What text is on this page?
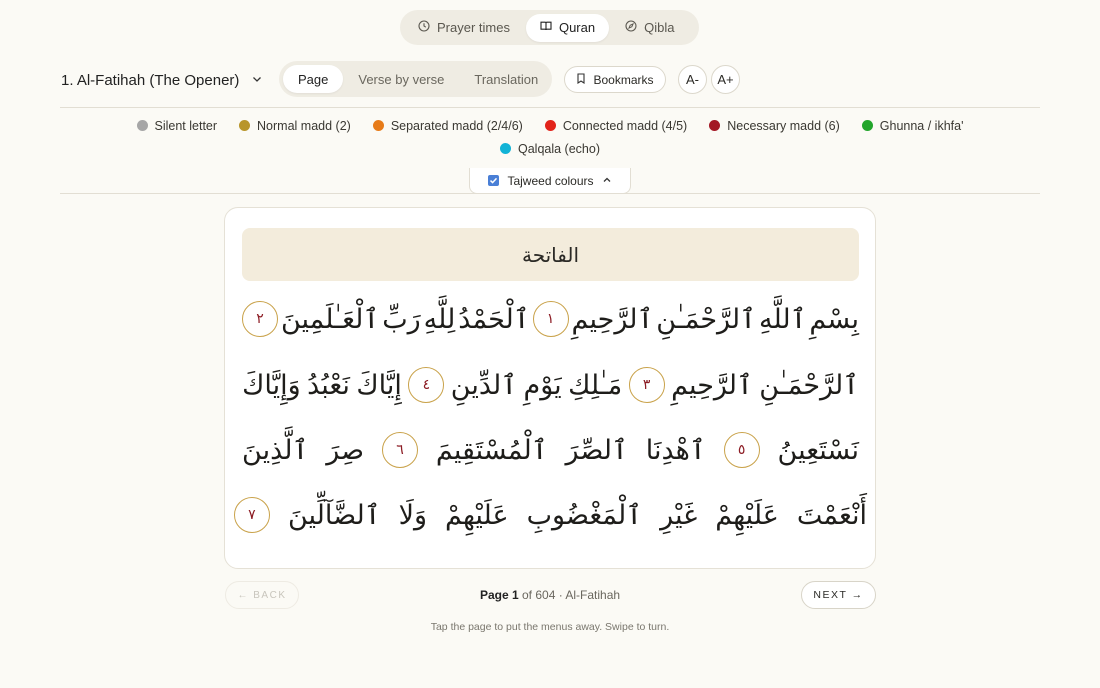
Prayer times	Quran	Qibla
1. Al-Fatihah (The Opener)	Page	Verse by verse	Translation	Bookmarks	A-	A+
Silent letter	Normal madd (2)	Separated madd (2/4/6)	Connected madd (4/5)	Necessary madd (6)	Ghunna / ikhfa'
Qalqala (echo)
Tajweed colours
الفاتحة
بِسْمِ
ٱللَّهِ
ٱلرَّحْمَـٰنِ
ٱلرَّحِيمِ
١
ٱلْحَمْدُ
لِلَّهِ
رَبِّ
ٱلْعَـٰلَمِينَ
٢
ٱلرَّحْمَـٰنِ
ٱلرَّحِيمِ
٣
مَـٰلِكِ
يَوْمِ
ٱلدِّينِ
٤
إِيَّاكَ
نَعْبُدُ
وَإِيَّاكَ
نَسْتَعِينُ
٥
ٱهْدِنَا
ٱلصِّرَ
ٱلْمُسْتَقِيمَ
٦
صِرَ
ٱلَّذِينَ
أَنْعَمْتَ
عَلَيْهِمْ
غَيْرِ
ٱلْمَغْضُوبِ
عَلَيْهِمْ
وَلَا
ٱلضَّآلِّينَ
٧
← BACK	Page 1 of 604 · Al-Fatihah	NEXT →
Tap the page to put the menus away. Swipe to turn.
